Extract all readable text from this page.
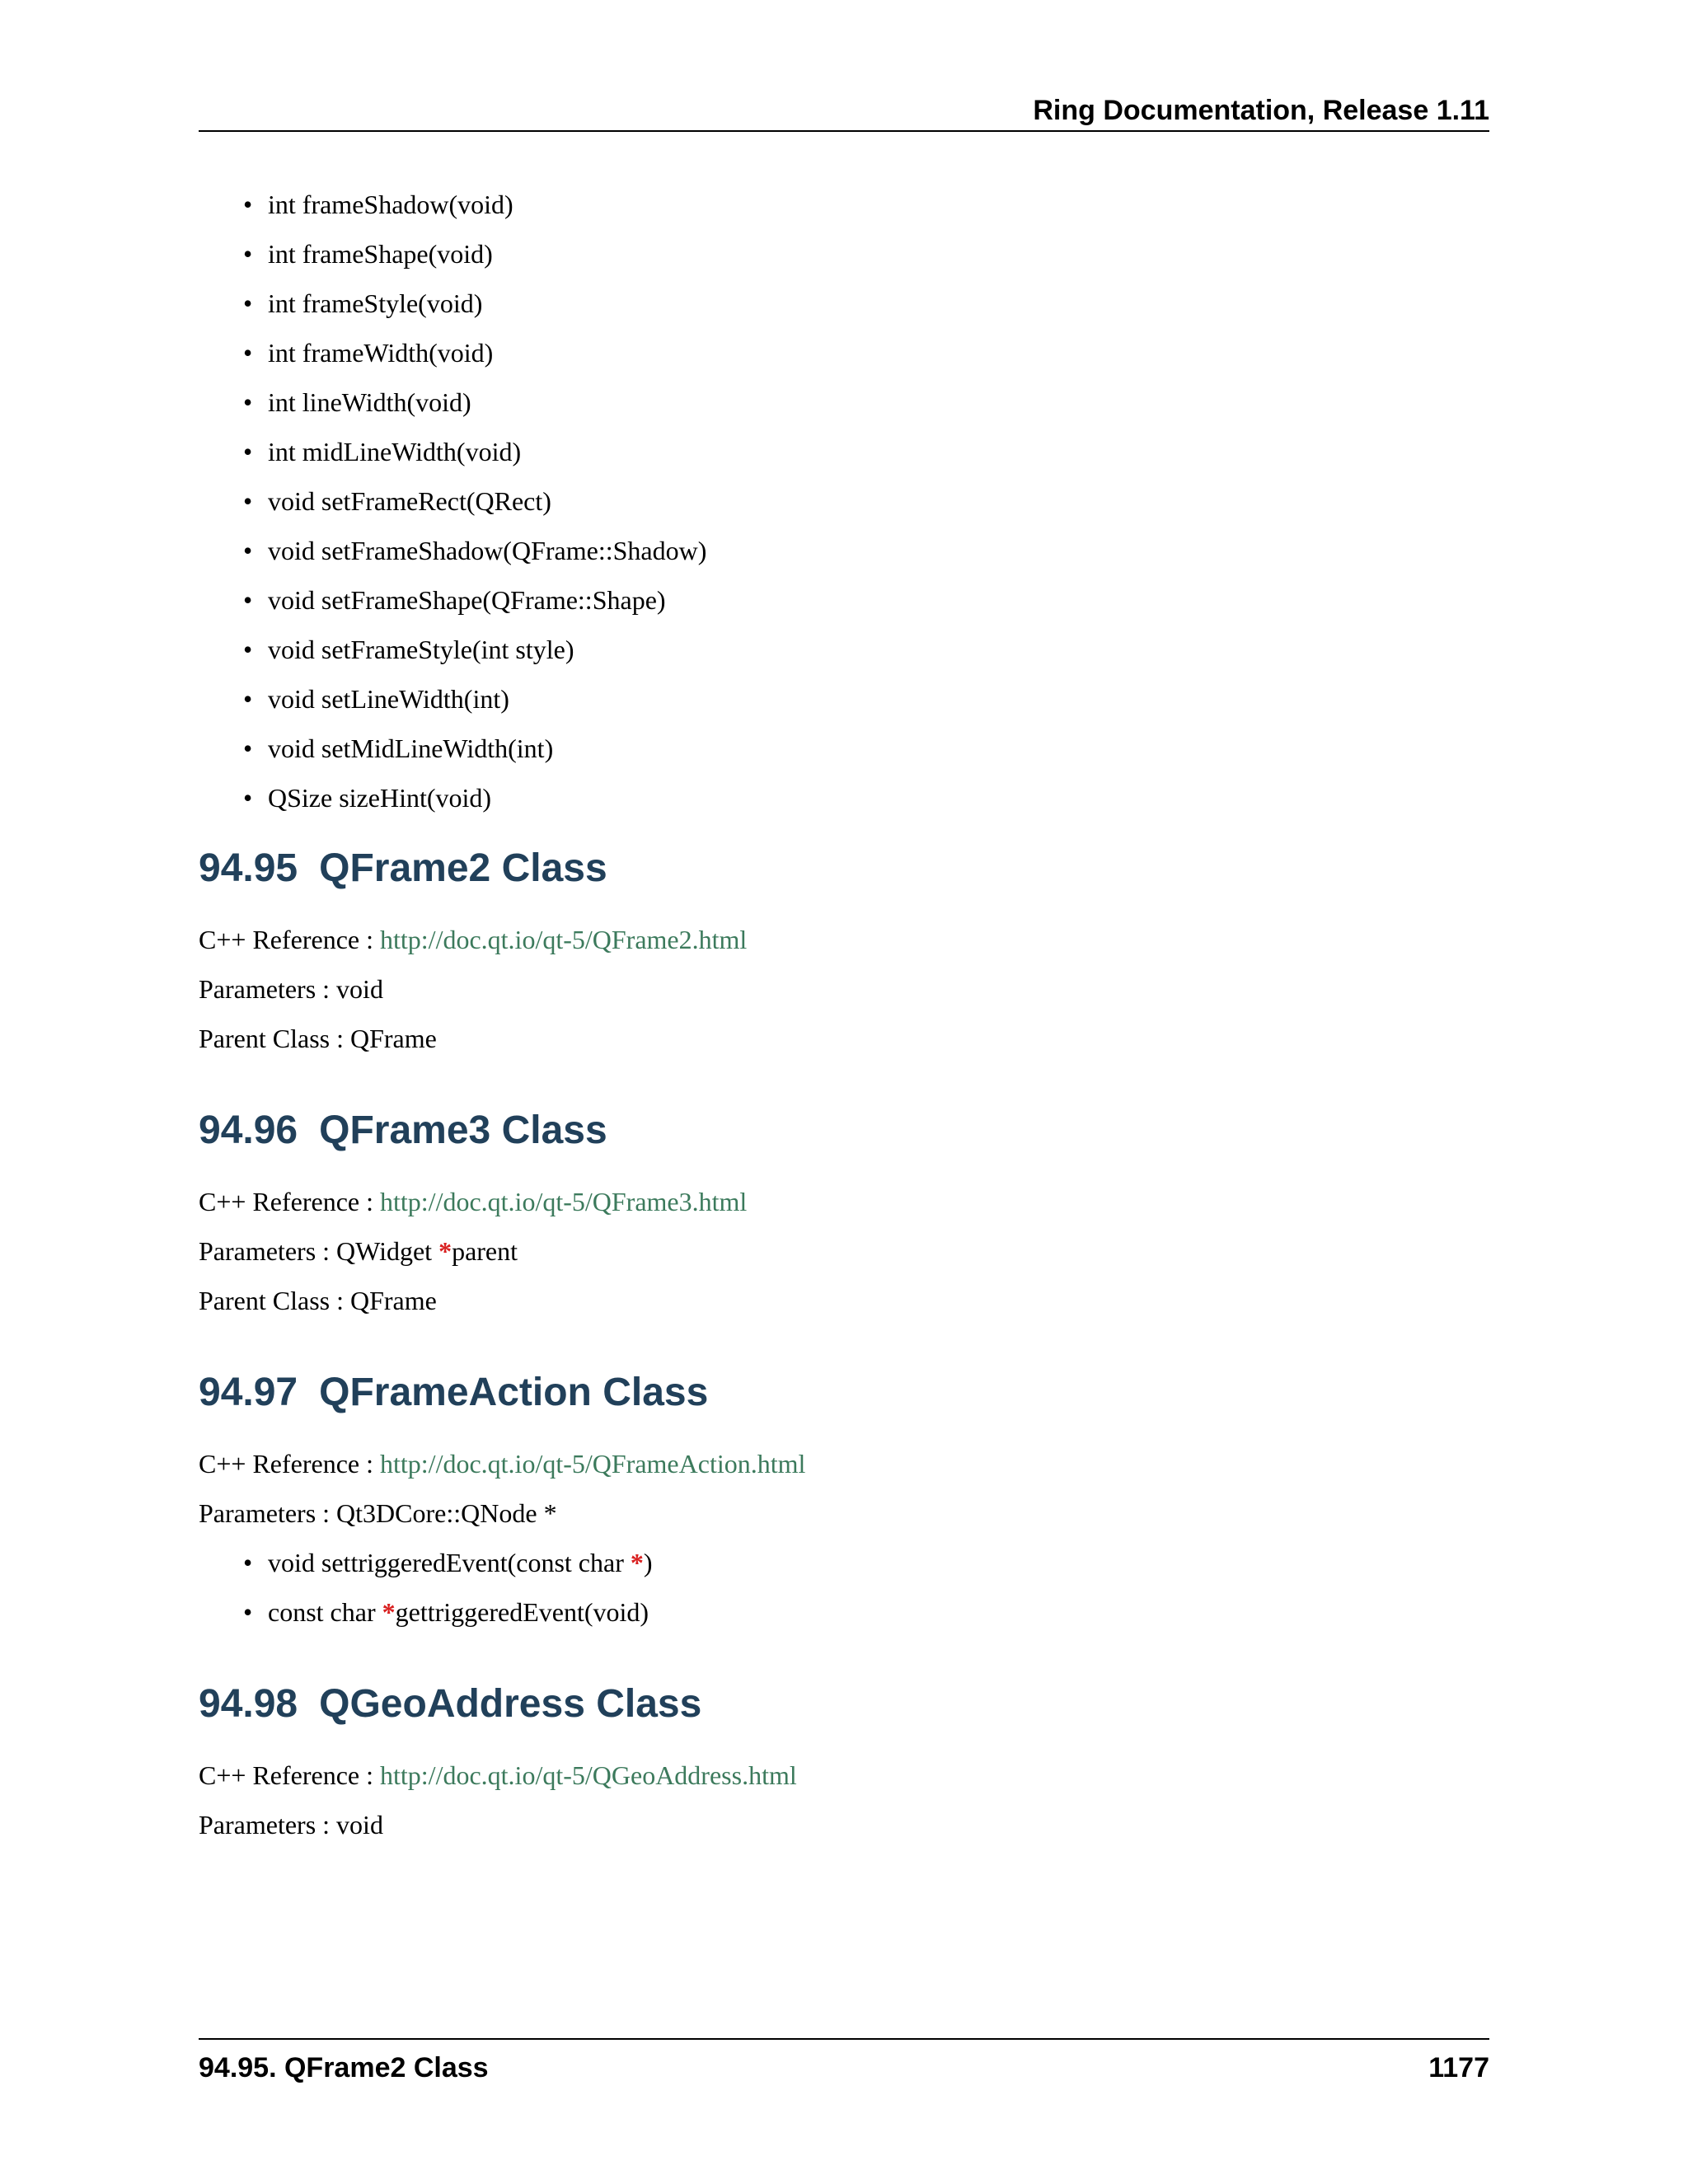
Ring Documentation, Release 1.11
• int frameShadow(void)
• int frameShape(void)
• int frameStyle(void)
• int frameWidth(void)
• int lineWidth(void)
• int midLineWidth(void)
• void setFrameRect(QRect)
• void setFrameShadow(QFrame::Shadow)
• void setFrameShape(QFrame::Shape)
• void setFrameStyle(int style)
• void setLineWidth(int)
• void setMidLineWidth(int)
• QSize sizeHint(void)
94.95 QFrame2 Class

C++ Reference : http://doc.qt.io/qt-5/QFrame2.html

Parameters : void

Parent Class : QFrame

94.96 QFrame3 Class

C++ Reference : http://doc.qt.io/qt-5/QFrame3.html

Parameters : QWidget *parent

Parent Class : QFrame

94.97 QFrameAction Class

C++ Reference : http://doc.qt.io/qt-5/QFrameAction.html

Parameters : Qt3DCore::QNode *

• void settriggeredEvent(const char *)
• const char *gettriggeredEvent(void)
94.98 QGeoAddress Class

C++ Reference : http://doc.qt.io/qt-5/QGeoAddress.html

Parameters : void

94.95. QFrame2 Class	1177
